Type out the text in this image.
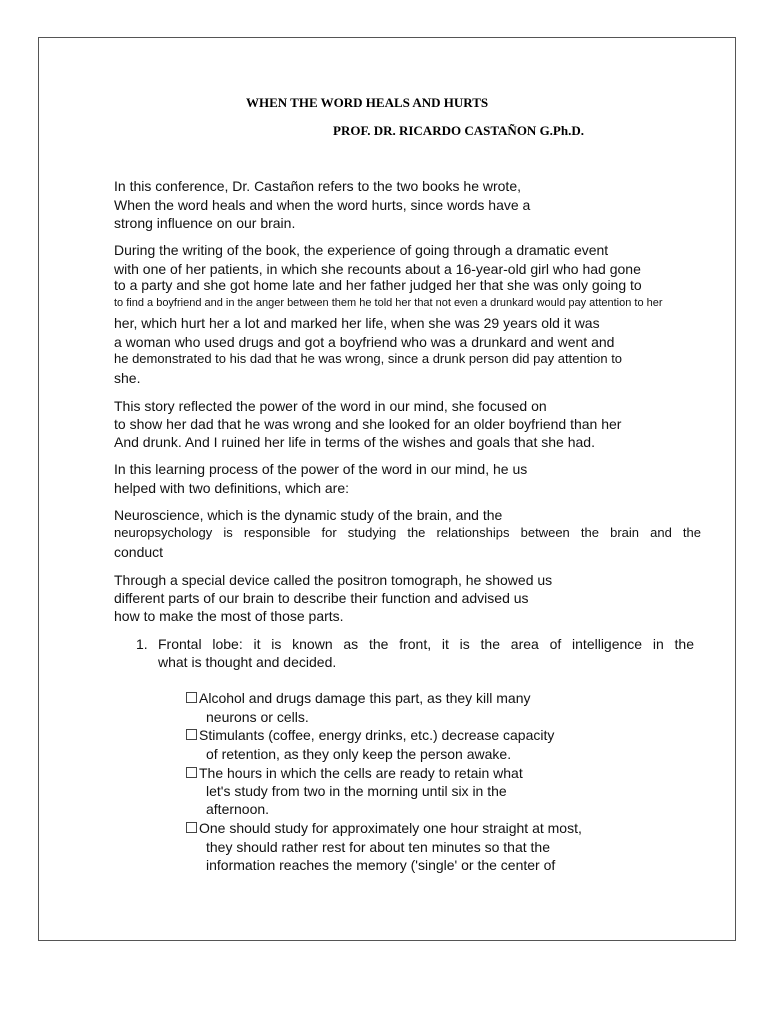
WHEN THE WORD HEALS AND HURTS
PROF. DR. RICARDO CASTAÑON G.Ph.D.
In this conference, Dr. Castañon refers to the two books he wrote,
When the word heals and when the word hurts, since words have a
strong influence on our brain.
During the writing of the book, the experience of going through a dramatic event
with one of her patients, in which she recounts about a 16-year-old girl who had gone
to a party and she got home late and her father judged her that she was only going to
to find a boyfriend and in the anger between them he told her that not even a drunkard would pay attention to her
her, which hurt her a lot and marked her life, when she was 29 years old it was
a woman who used drugs and got a boyfriend who was a drunkard and went and
he demonstrated to his dad that he was wrong, since a drunk person did pay attention to
she.
This story reflected the power of the word in our mind, she focused on
to show her dad that he was wrong and she looked for an older boyfriend than her
And drunk. And I ruined her life in terms of the wishes and goals that she had.
In this learning process of the power of the word in our mind, he us
helped with two definitions, which are:
Neuroscience, which is the dynamic study of the brain, and the
neuropsychology is responsible for studying the relationships between the brain and the
conduct
Through a special device called the positron tomograph, he showed us
different parts of our brain to describe their function and advised us
how to make the most of those parts.
1. Frontal lobe: it is known as the front, it is the area of intelligence in the
what is thought and decided.
Alcohol and drugs damage this part, as they kill many
neurons or cells.
Stimulants (coffee, energy drinks, etc.) decrease capacity
of retention, as they only keep the person awake.
The hours in which the cells are ready to retain what
let's study from two in the morning until six in the
afternoon.
One should study for approximately one hour straight at most,
they should rather rest for about ten minutes so that the
information reaches the memory ('single' or the center of
